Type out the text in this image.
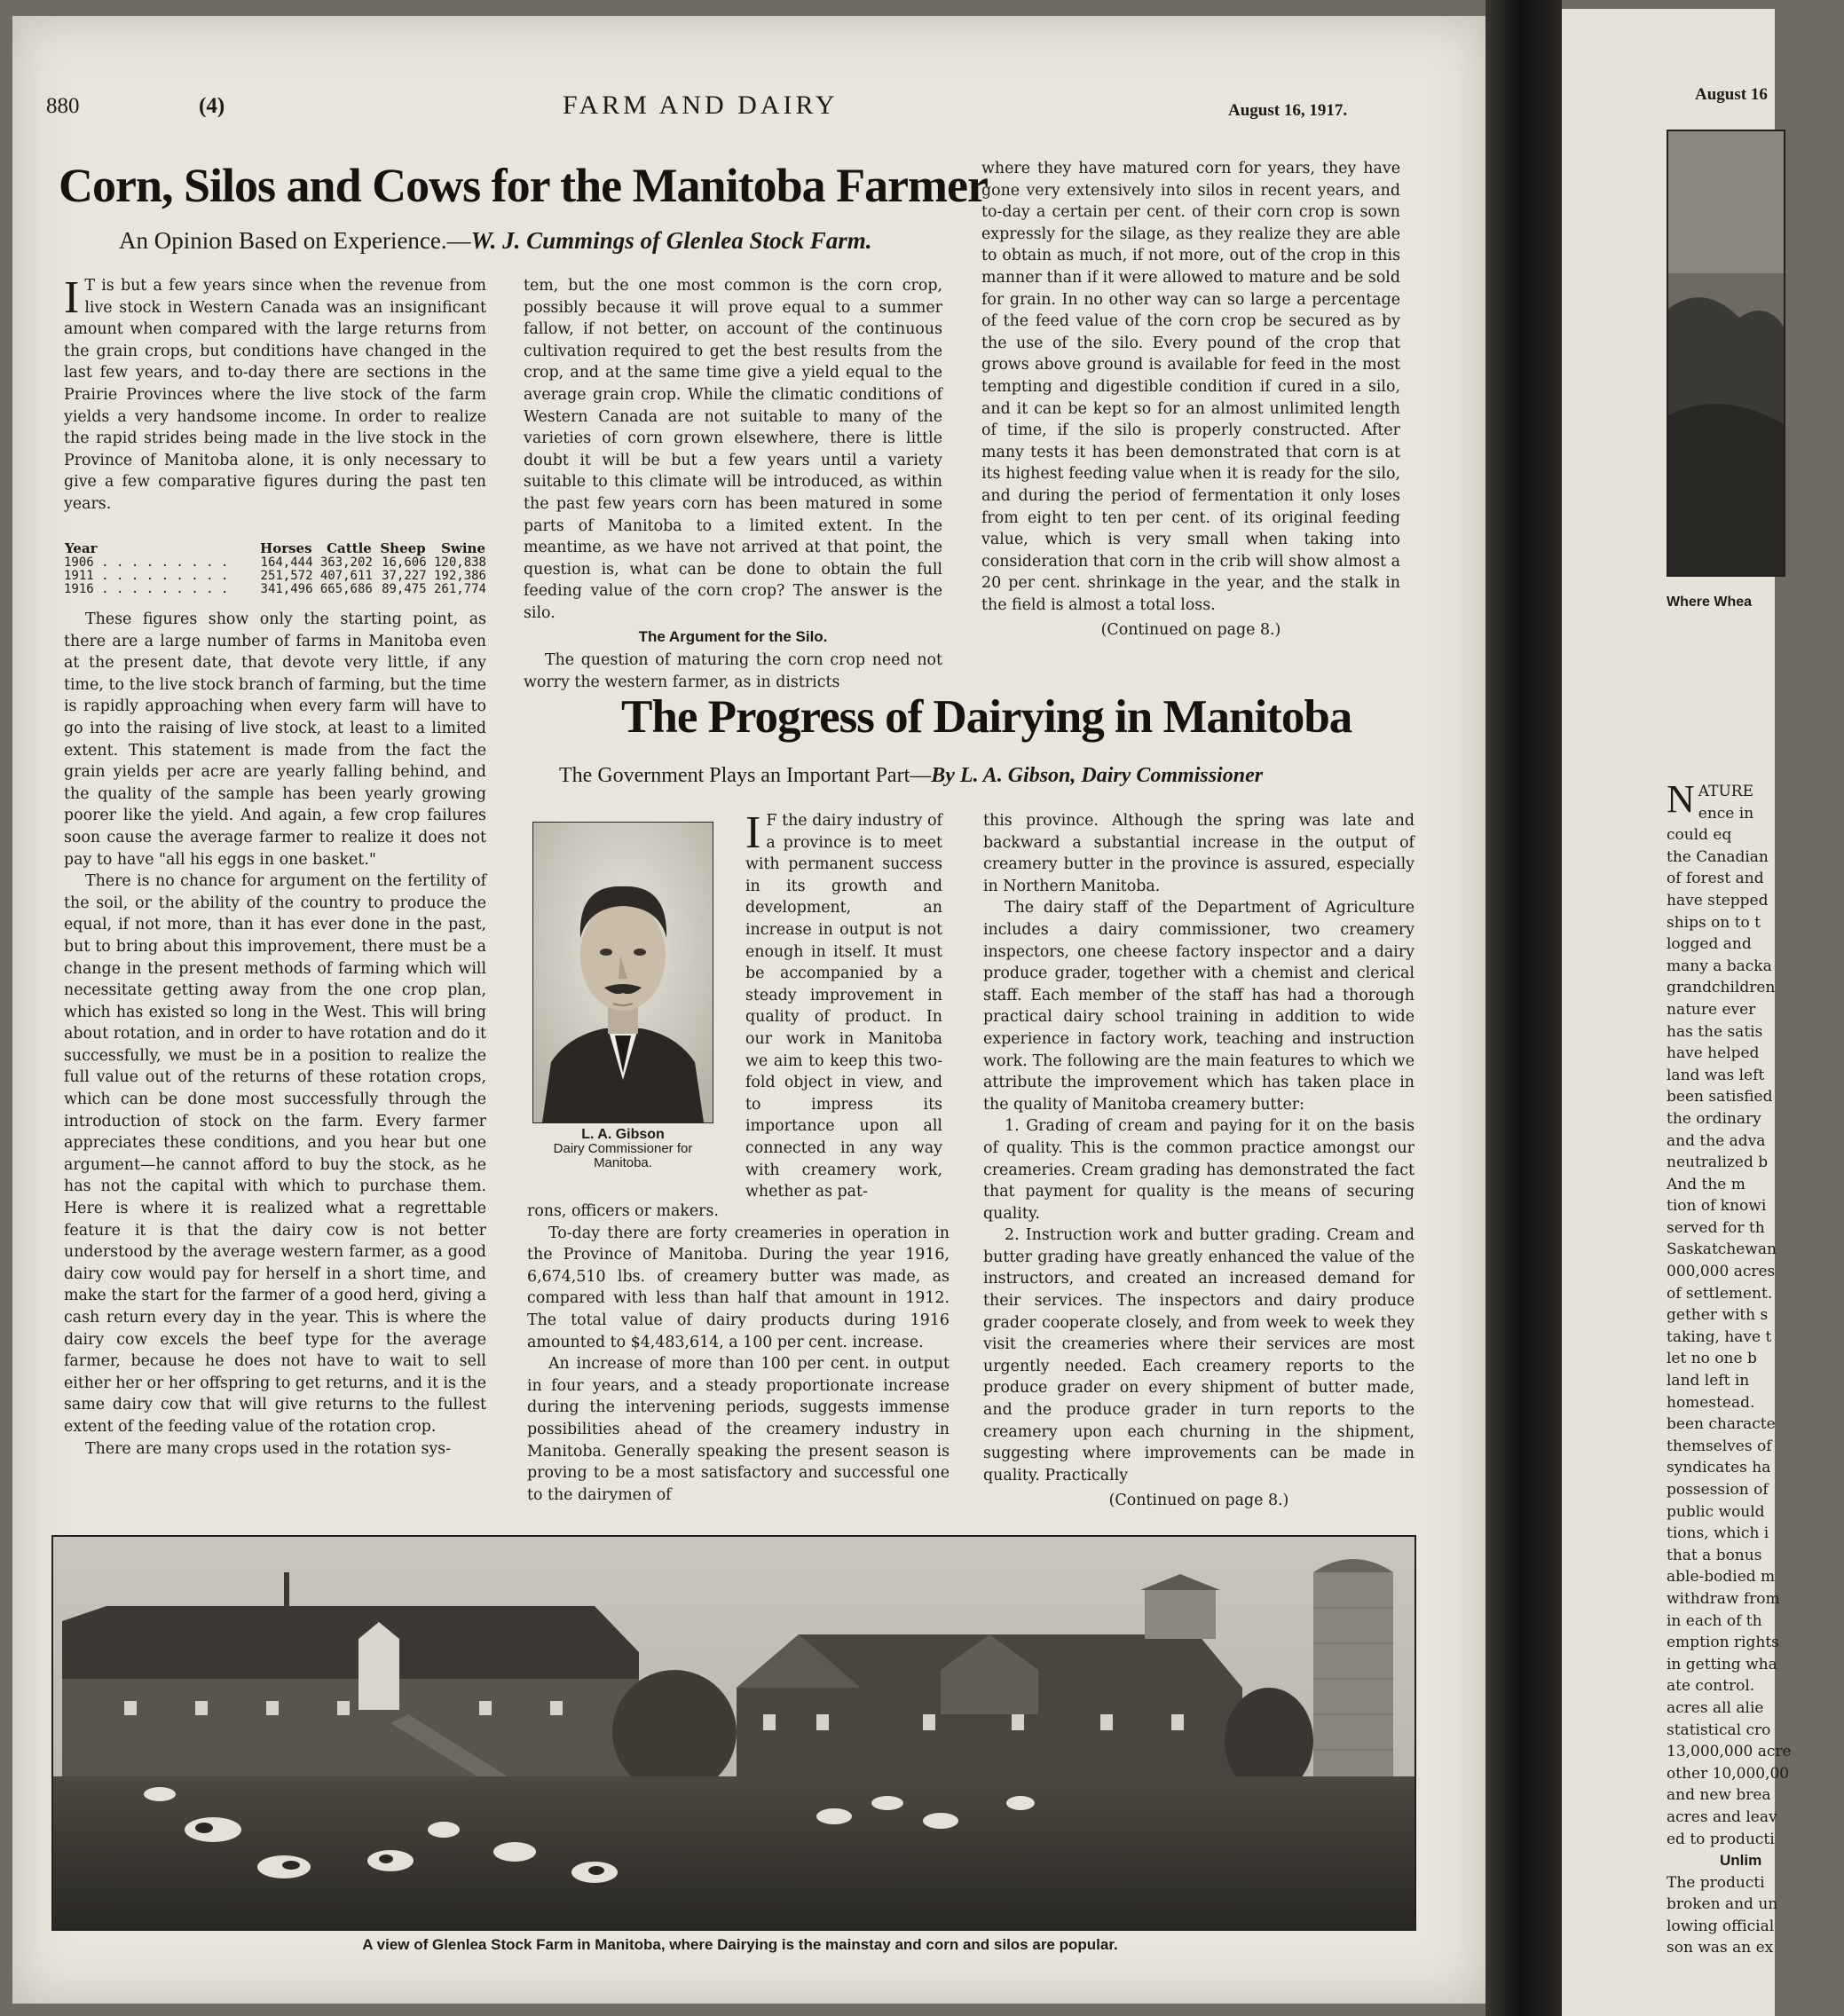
880	(4)	FARM AND DAIRY	August 16, 1917.
Corn, Silos and Cows for the Manitoba Farmer
An Opinion Based on Experience.—W. J. Cummings of Glenlea Stock Farm.

I T is but a few years since when the revenue from live stock in Western Canada was an insignificant amount when compared with the large returns from the grain crops, but conditions have changed in the last few years, and to-day there are sections in the Prairie Provinces where the live stock of the farm yields a very handsome income. In order to realize the rapid strides being made in the live stock in the Province of Manitoba alone, it is only necessary to give a few comparative figures during the past ten years.

Year	Horses	Cattle	Sheep	Swine
1906 . . . . . . . . .	164,444	363,202	16,606	120,838
1911 . . . . . . . . .	251,572	407,611	37,227	192,386
1916 . . . . . . . . .	341,496	665,686	89,475	261,774

These figures show only the starting point, as there are a large number of farms in Manitoba even at the present date, that devote very little, if any time, to the live stock branch of farming, but the time is rapidly approaching when every farm will have to go into the raising of live stock, at least to a limited extent. This statement is made from the fact the grain yields per acre are yearly falling behind, and the quality of the sample has been yearly growing poorer like the yield. And again, a few crop failures soon cause the average farmer to realize it does not pay to have "all his eggs in one basket."

There is no chance for argument on the fertility of the soil, or the ability of the country to produce the equal, if not more, than it has ever done in the past, but to bring about this improvement, there must be a change in the present methods of farming which will necessitate getting away from the one crop plan, which has existed so long in the West. This will bring about rotation, and in order to have rotation and do it successfully, we must be in a position to realize the full value out of the returns of these rotation crops, which can be done most successfully through the introduction of stock on the farm. Every farmer appreciates these conditions, and you hear but one argument—he cannot afford to buy the stock, as he has not the capital with which to purchase them. Here is where it is realized what a regrettable feature it is that the dairy cow is not better understood by the average western farmer, as a good dairy cow would pay for herself in a short time, and make the start for the farmer of a good herd, giving a cash return every day in the year. This is where the dairy cow excels the beef type for the average farmer, because he does not have to wait to sell either her or her offspring to get returns, and it is the same dairy cow that will give returns to the fullest extent of the feeding value of the rotation crop.

There are many crops used in the rotation sys-

tem, but the one most common is the corn crop, possibly because it will prove equal to a summer fallow, if not better, on account of the continuous cultivation required to get the best results from the crop, and at the same time give a yield equal to the average grain crop. While the climatic conditions of Western Canada are not suitable to many of the varieties of corn grown elsewhere, there is little doubt it will be but a few years until a variety suitable to this climate will be introduced, as within the past few years corn has been matured in some parts of Manitoba to a limited extent. In the meantime, as we have not arrived at that point, the question is, what can be done to obtain the full feeding value of the corn crop? The answer is the silo.

The Argument for the Silo.

The question of maturing the corn crop need not worry the western farmer, as in districts

where they have matured corn for years, they have gone very extensively into silos in recent years, and to-day a certain per cent. of their corn crop is sown expressly for the silage, as they realize they are able to obtain as much, if not more, out of the crop in this manner than if it were allowed to mature and be sold for grain. In no other way can so large a percentage of the feed value of the corn crop be secured as by the use of the silo. Every pound of the crop that grows above ground is available for feed in the most tempting and digestible condition if cured in a silo, and it can be kept so for an almost unlimited length of time, if the silo is properly constructed. After many tests it has been demonstrated that corn is at its highest feeding value when it is ready for the silo, and during the period of fermentation it only loses from eight to ten per cent. of its original feeding value, which is very small when taking into consideration that corn in the crib will show almost a 20 per cent. shrinkage in the year, and the stalk in the field is almost a total loss.

(Continued on page 8.)

The Progress of Dairying in Manitoba
The Government Plays an Important Part—By L. A. Gibson, Dairy Commissioner
L. A. Gibson
Dairy Commissioner for Manitoba.

I F the dairy industry of a province is to meet with permanent success in its growth and development, an increase in output is not enough in itself. It must be accompanied by a steady improvement in quality of product. In our work in Manitoba we aim to keep this two-fold object in view, and to impress its importance upon all connected in any way with creamery work, whether as pat-

rons, officers or makers.

To-day there are forty creameries in operation in the Province of Manitoba. During the year 1916, 6,674,510 lbs. of creamery butter was made, as compared with less than half that amount in 1912. The total value of dairy products during 1916 amounted to $4,483,614, a 100 per cent. increase.

An increase of more than 100 per cent. in output in four years, and a steady proportionate increase during the intervening periods, suggests immense possibilities ahead of the creamery industry in Manitoba. Generally speaking the present season is proving to be a most satisfactory and successful one to the dairymen of

this province. Although the spring was late and backward a substantial increase in the output of creamery butter in the province is assured, especially in Northern Manitoba.

The dairy staff of the Department of Agriculture includes a dairy commissioner, two creamery inspectors, one cheese factory inspector and a dairy produce grader, together with a chemist and clerical staff. Each member of the staff has had a thorough practical dairy school training in addition to wide experience in factory work, teaching and instruction work. The following are the main features to which we attribute the improvement which has taken place in the quality of Manitoba creamery butter:

1. Grading of cream and paying for it on the basis of quality. This is the common practice amongst our creameries. Cream grading has demonstrated the fact that payment for quality is the means of securing quality.

2. Instruction work and butter grading. Cream and butter grading have greatly enhanced the value of the instructors, and created an increased demand for their services. The inspectors and dairy produce grader cooperate closely, and from week to week they visit the creameries where their services are most urgently needed. Each creamery reports to the produce grader on every shipment of butter made, and the produce grader in turn reports to the creamery upon each churning in the shipment, suggesting where improvements can be made in quality. Practically

(Continued on page 8.)

A view of Glenlea Stock Farm in Manitoba, where Dairying is the mainstay and corn and silos are popular.
August 16
Where Whea
N ATURE
ence in
could eq
the Canadian
of forest and
have stepped
ships on to t
logged and
many a backa
grandchildren
nature ever
has the satis
have helped
land was left
been satisfied
the ordinary
and the adva
neutralized b
And the m
tion of knowi
served for th
Saskatchewan
000,000 acres
of settlement.
gether with s
taking, have t
let no one b
land left in
homestead.
been characte
themselves of
syndicates ha
possession of
public would
tions, which i
that a bonus
able-bodied m
withdraw from
in each of th
emption rights
in getting wha
ate control.
acres all alie
statistical cro
13,000,000 acre
other 10,000,00
and new brea
acres and leav
ed to producti
Unlim
The producti
broken and un
lowing official
son was an ex
